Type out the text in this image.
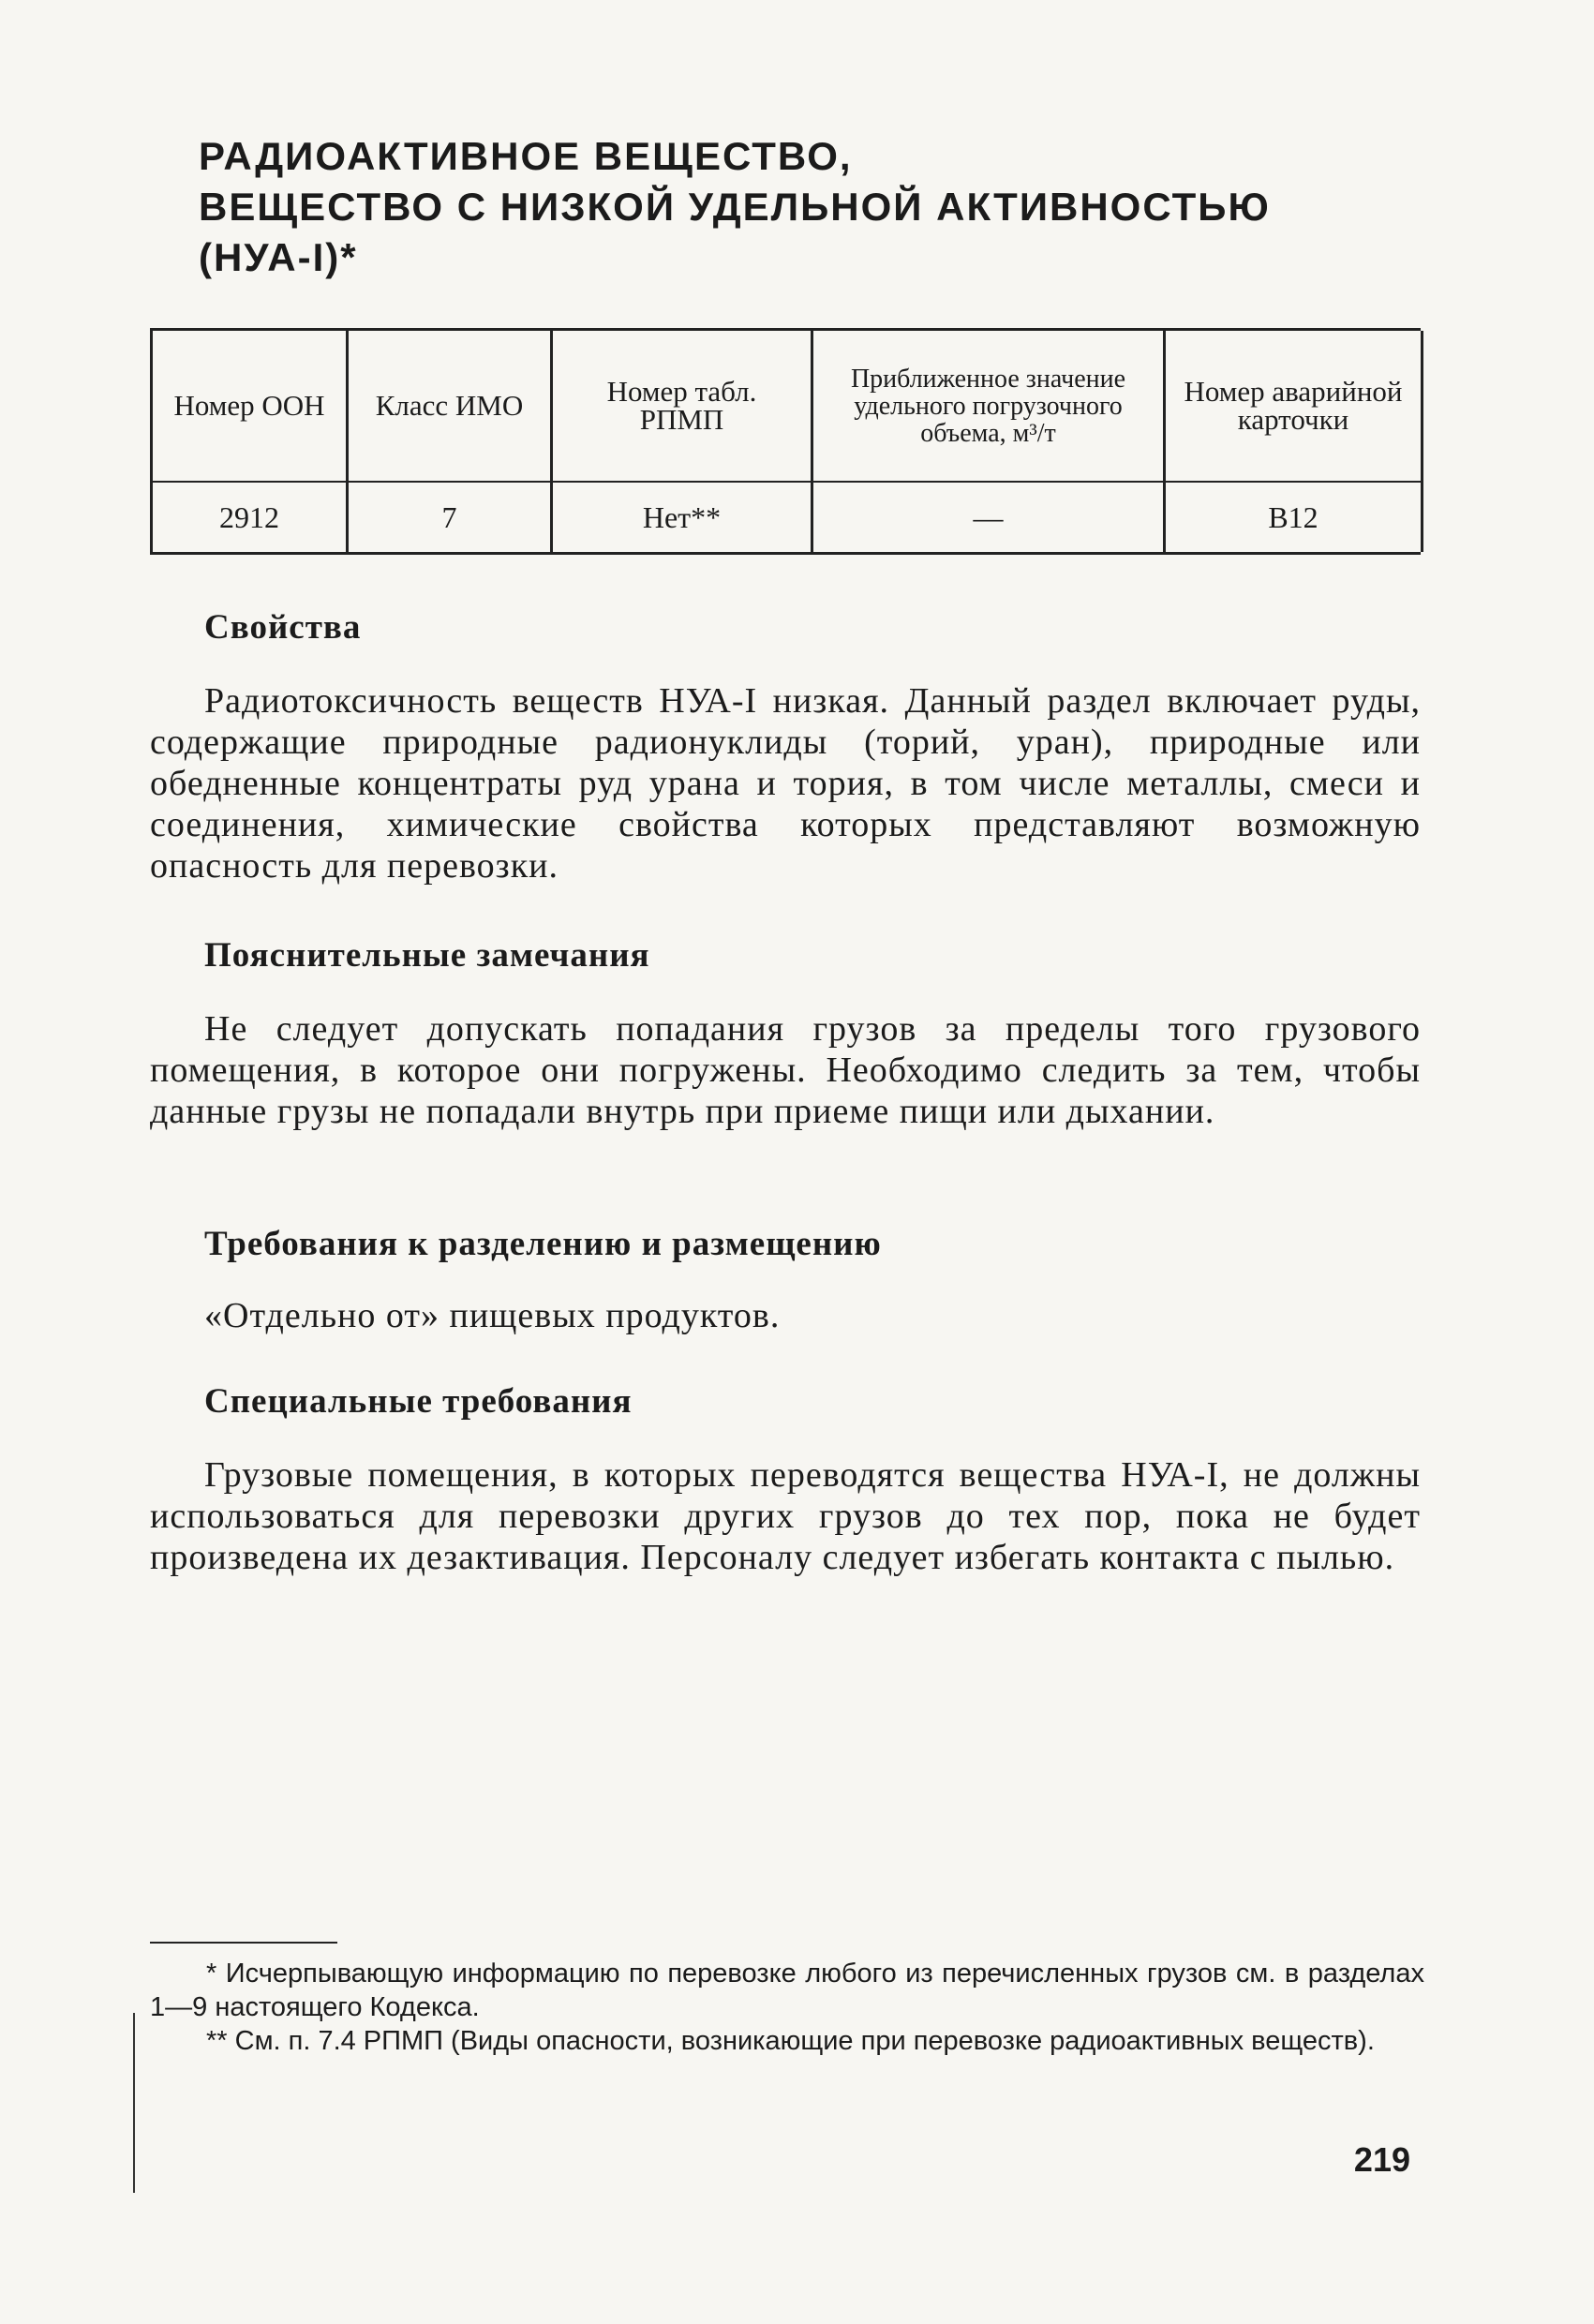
РАДИОАКТИВНОЕ ВЕЩЕСТВО,
ВЕЩЕСТВО С НИЗКОЙ УДЕЛЬНОЙ АКТИВНОСТЬЮ
(НУА-I)*
Номер ООН	Класс ИМО	Номер табл. РПМП	Приближенное значение удельного погрузочного объема, м³/т	Номер аварийной карточки
2912	7	Нет**	—	В12
Свойства
Радиотоксичность веществ НУА-I низкая. Данный раздел включает руды, содержащие природные радионуклиды (торий, уран), природные или обедненные концентраты руд урана и тория, в том числе металлы, смеси и соединения, химические свойства которых представляют возможную опасность для перевозки.
Пояснительные замечания
Не следует допускать попадания грузов за пределы того грузового помещения, в которое они погружены. Необходимо следить за тем, чтобы данные грузы не попадали внутрь при приеме пищи или дыхании.
Требования к разделению и размещению
«Отдельно от» пищевых продуктов.
Специальные требования
Грузовые помещения, в которых переводятся вещества НУА-I, не должны использоваться для перевозки других грузов до тех пор, пока не будет произведена их дезактивация. Персоналу следует избегать контакта с пылью.

* Исчерпывающую информацию по перевозке любого из перечисленных грузов см. в разделах 1—9 настоящего Кодекса.

** См. п. 7.4 РПМП (Виды опасности, возникающие при перевозке радиоактивных веществ).

219
